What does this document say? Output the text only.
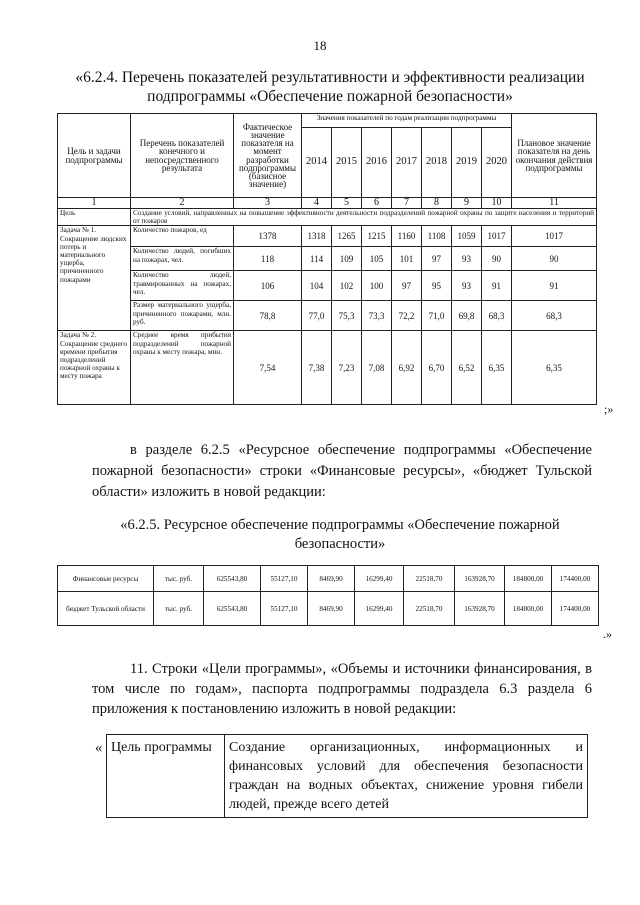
18
«6.2.4. Перечень показателей результативности и эффективности реализации подпрограммы «Обеспечение пожарной безопасности»
Цель и задачи подпрограммы	Перечень показателей конечного и непосредственного результата	Фактическое значение показателя на момент разработки подпрограммы (базисное значение)	Значения показателей по годам реализации подпрограммы							Плановое значение показателя на день окончания действия подпрограммы
			2014	2015	2016	2017	2018	2019	2020	
1	2	3	4	5	6	7	8	9	10	11
Цель	Создание условий, направленных на повышение эффективности деятельности подразделений пожарной охраны по защите населения и территорий от пожаров									
Задача № 1. Сокращение людских потерь и материального ущерба, причиненного пожарами	Количество пожаров, ед	1378	1318	1265	1215	1160	1108	1059	1017	1017
	Количество людей, погибших на пожарах, чел.	118	114	109	105	101	97	93	90	90
	Количество людей, травмированных на пожарах, чел.	106	104	102	100	97	95	93	91	91
	Размер материального ущерба, причиненного пожарами, млн. руб.	78,8	77,0	75,3	73,3	72,2	71,0	69,8	68,3	68,3
Задача № 2. Сокращение среднего времени прибытия подразделений пожарной охраны к месту пожара	Среднее время прибытия подразделений пожарной охраны к месту пожара, мин.	7,54	7,38	7,23	7,08	6,92	6,70	6,52	6,35	6,35
;»
в разделе 6.2.5 «Ресурсное обеспечение подпрограммы «Обеспечение пожарной безопасности» строки «Финансовые ресурсы», «бюджет Тульской области» изложить в новой редакции:
«6.2.5. Ресурсное обеспечение подпрограммы «Обеспечение пожарной безопасности»
Финансовые ресурсы	тыс. руб.	625543,80	55127,10	8469,90	16299,40	22518,70	163928,70	184800,00	174400,00
бюджет Тульской области	тыс. руб.	625543,80	55127,10	8469,90	16299,40	22518,70	163928,70	184800,00	174400,00
.»
11. Строки «Цели программы», «Объемы и источники финансирования, в том числе по годам», паспорта подпрограммы подраздела 6.3 раздела 6 приложения к постановлению изложить в новой редакции:
« Цель программы	Создание организационных, информационных и финансовых условий для обеспечения безопасности граждан на водных объектах, снижение уровня гибели людей, прежде всего детей
